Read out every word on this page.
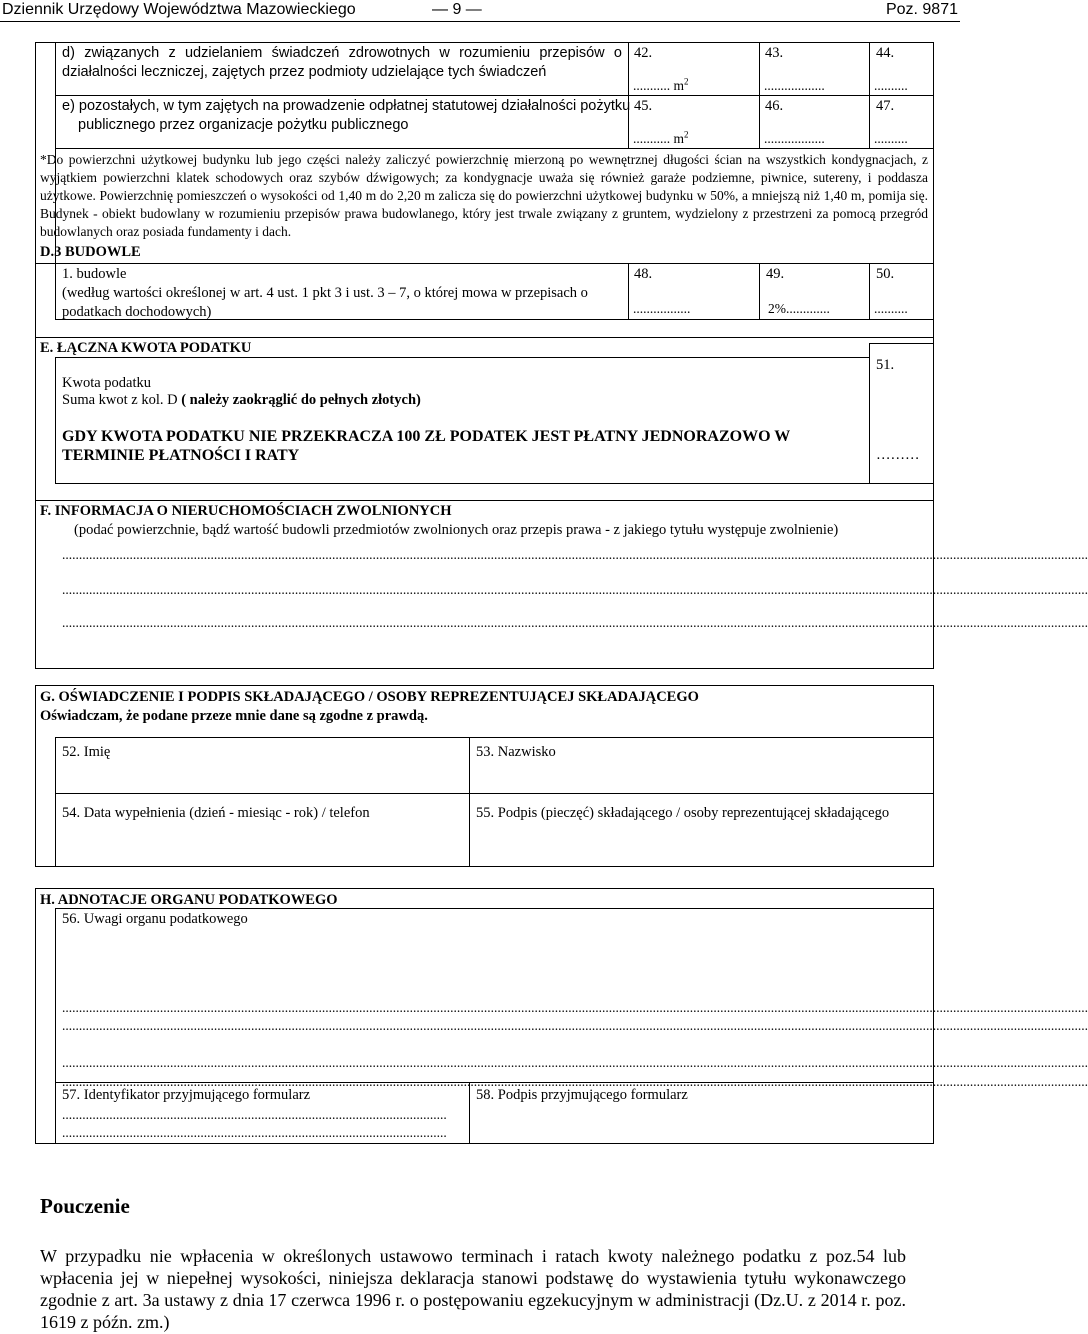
Dziennik Urzędowy Województwa Mazowieckiego	— 9 —	Poz. 9871
d) związanych z udzielaniem świadczeń zdrowotnych w rozumieniu przepisów o działalności leczniczej, zajętych przez podmioty udzielające tych świadczeń
e) pozostałych, w tym zajętych na prowadzenie odpłatnej statutowej działalności pożytku
publicznego przez organizacje pożytku publicznego
42.	43.	44.
........... $m^2$	..................	..........
45.	46.	47.
........... $m^2$	..................	..........
*Do powierzchni użytkowej budynku lub jego części należy zaliczyć powierzchnię mierzoną po wewnętrznej długości ścian na wszystkich kondygnacjach, z wyjątkiem powierzchni klatek schodowych oraz szybów dźwigowych; za kondygnacje uważa się również garaże podziemne, piwnice, sutereny, i poddasza użytkowe. Powierzchnię pomieszczeń o wysokości od 1,40 m do 2,20 m zalicza się do powierzchni użytkowej budynku w 50%, a mniejszą niż 1,40 m, pomija się. Budynek - obiekt budowlany w rozumieniu przepisów prawa budowlanego, który jest trwale związany z gruntem, wydzielony z przestrzeni za pomocą przegród budowlanych oraz posiada fundamenty i dach.
D.3 BUDOWLE
1. budowle
(według wartości określonej w art. 4 ust. 1 pkt 3 i ust. 3 – 7, o której mowa w przepisach o podatkach dochodowych)
48.	49.	50.
.................	2%.............	..........
E. ŁĄCZNA KWOTA PODATKU
Kwota podatku
Suma kwot z kol. D ( należy zaokrąglić do pełnych złotych)
GDY KWOTA PODATKU NIE PRZEKRACZA 100 ZŁ PODATEK JEST PŁATNY JEDNORAZOWO W TERMINIE PŁATNOŚCI I RATY
51.
………
F. INFORMACJA O NIERUCHOMOŚCIACH ZWOLNIONYCH
(podać powierzchnie, bądź wartość budowli przedmiotów zwolnionych oraz przepis prawa - z jakiego tytułu występuje zwolnienie)
................................................................................................................................................................................................................................................................................................................
................................................................................................................................................................................................................................................................................................................
................................................................................................................................................................................................................................................................................................................
G. OŚWIADCZENIE I PODPIS SKŁADAJĄCEGO / OSOBY REPREZENTUJĄCEJ SKŁADAJĄCEGO
Oświadczam, że podane przeze mnie dane są zgodne z prawdą.
52. Imię	53. Nazwisko
54. Data wypełnienia (dzień - miesiąc - rok) / telefon	55. Podpis (pieczęć) składającego / osoby reprezentującej składającego
H. ADNOTACJE ORGANU PODATKOWEGO
56. Uwagi organu podatkowego
................................................................................................................................................................................................................................................................................................................
................................................................................................................................................................................................................................................................................................................
................................................................................................................................................................................................................................................................................................................
................................................................................................................................................................................................................................................................................................................
57. Identyfikator przyjmującego formularz	58. Podpis przyjmującego formularz
..................................................................................................................
..................................................................................................................
Pouczenie
W przypadku nie wpłacenia w określonych ustawowo terminach i ratach kwoty należnego podatku z poz.54 lub wpłacenia jej w niepełnej wysokości, niniejsza deklaracja stanowi podstawę do wystawienia tytułu wykonawczego zgodnie z art. 3a ustawy z dnia 17 czerwca 1996 r. o postępowaniu egzekucyjnym w administracji (Dz.U. z 2014 r. poz. 1619 z późn. zm.)
